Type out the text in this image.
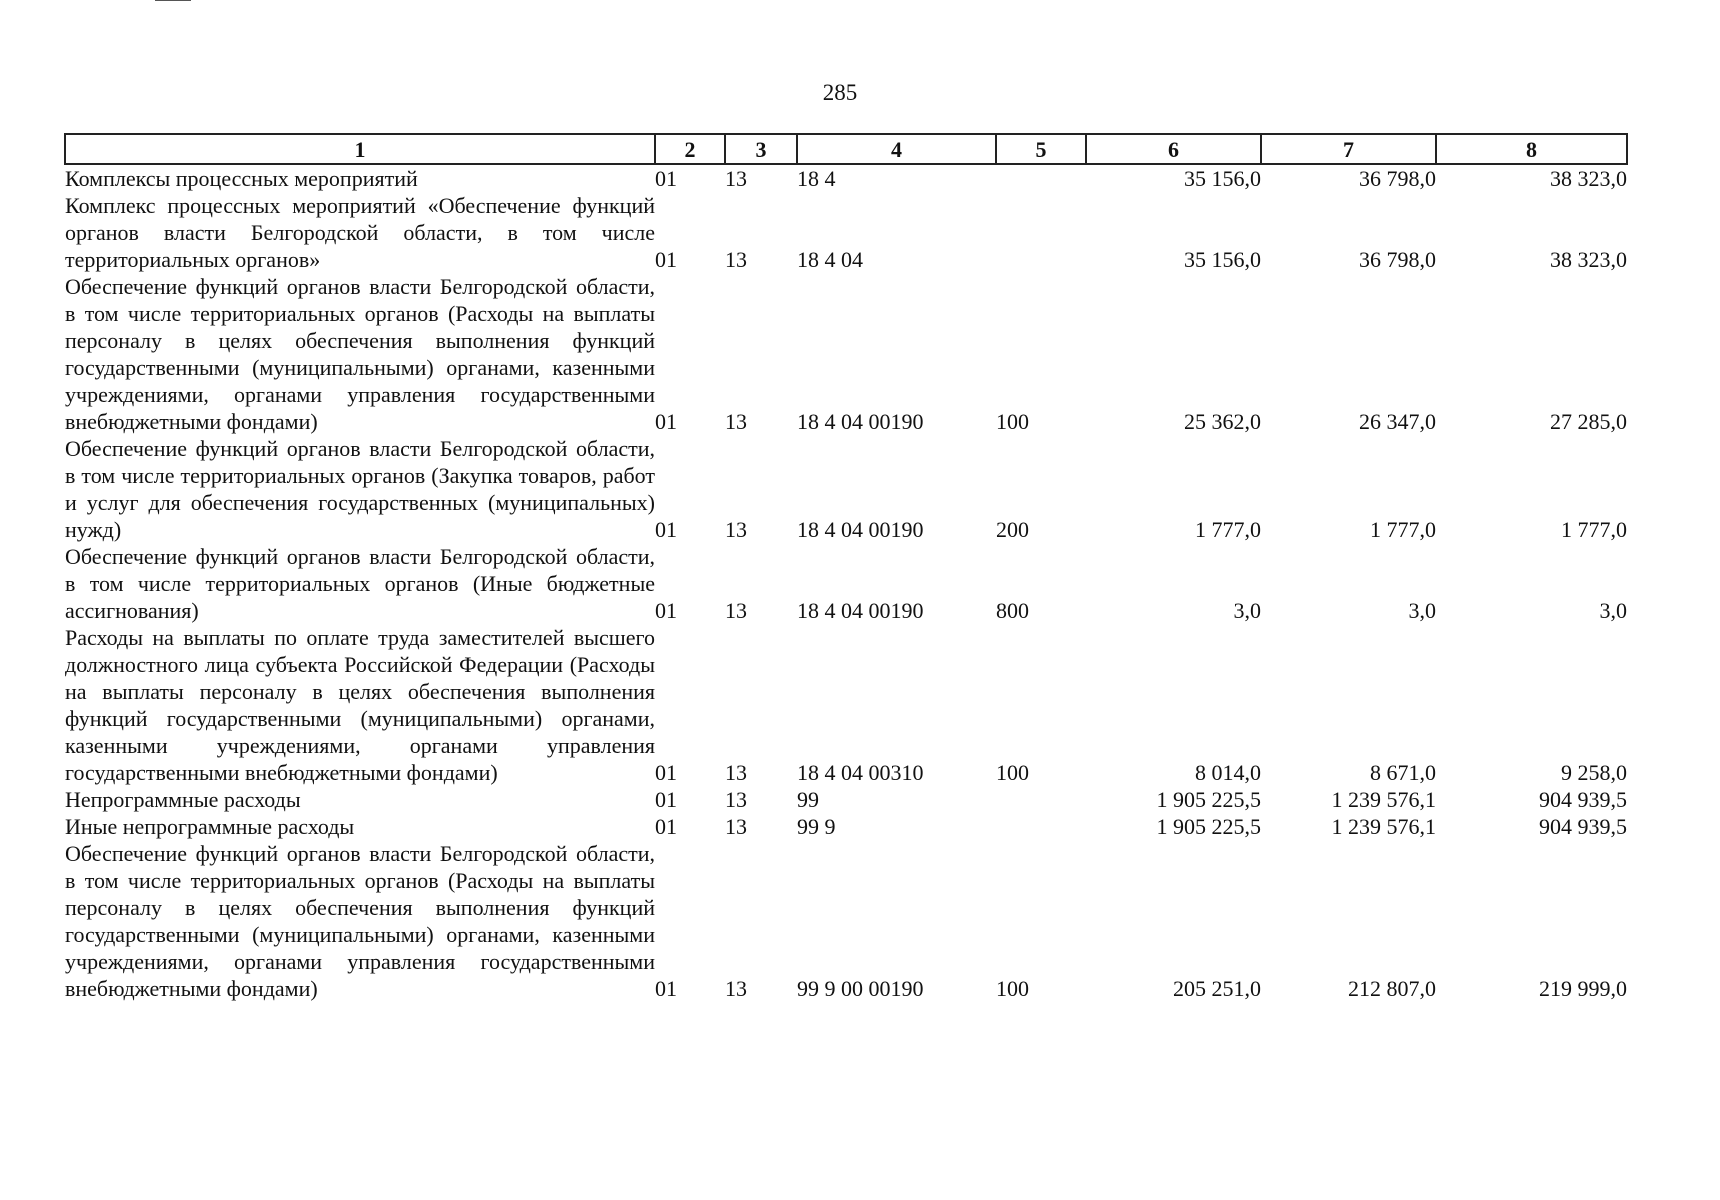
285
1	2	3	4	5	6	7	8
Комплексы процессных мероприятий	01	13	18 4		35 156,0	36 798,0	38 323,0
Комплекс процессных мероприятий «Обеспечение функций органов власти Белгородской области, в том числе территориальных органов»	01	13	18 4 04		35 156,0	36 798,0	38 323,0
Обеспечение функций органов власти Белгородской области, в том числе территориальных органов (Расходы на выплаты персоналу в целях обеспечения выполнения функций государственными (муниципальными) органами, казенными учреждениями, органами управления государственными внебюджетными фондами)	01	13	18 4 04 00190	100	25 362,0	26 347,0	27 285,0
Обеспечение функций органов власти Белгородской области, в том числе территориальных органов (Закупка товаров, работ и услуг для обеспечения государственных (муниципальных) нужд)	01	13	18 4 04 00190	200	1 777,0	1 777,0	1 777,0
Обеспечение функций органов власти Белгородской области, в том числе территориальных органов (Иные бюджетные ассигнования)	01	13	18 4 04 00190	800	3,0	3,0	3,0
Расходы на выплаты по оплате труда заместителей высшего должностного лица субъекта Российской Федерации (Расходы на выплаты персоналу в целях обеспечения выполнения функций государственными (муниципальными) органами, казенными учреждениями, органами управления государственными внебюджетными фондами)	01	13	18 4 04 00310	100	8 014,0	8 671,0	9 258,0
Непрограммные расходы	01	13	99		1 905 225,5	1 239 576,1	904 939,5
Иные непрограммные расходы	01	13	99 9		1 905 225,5	1 239 576,1	904 939,5
Обеспечение функций органов власти Белгородской области, в том числе территориальных органов (Расходы на выплаты персоналу в целях обеспечения выполнения функций государственными (муниципальными) органами, казенными учреждениями, органами управления государственными внебюджетными фондами)	01	13	99 9 00 00190	100	205 251,0	212 807,0	219 999,0
